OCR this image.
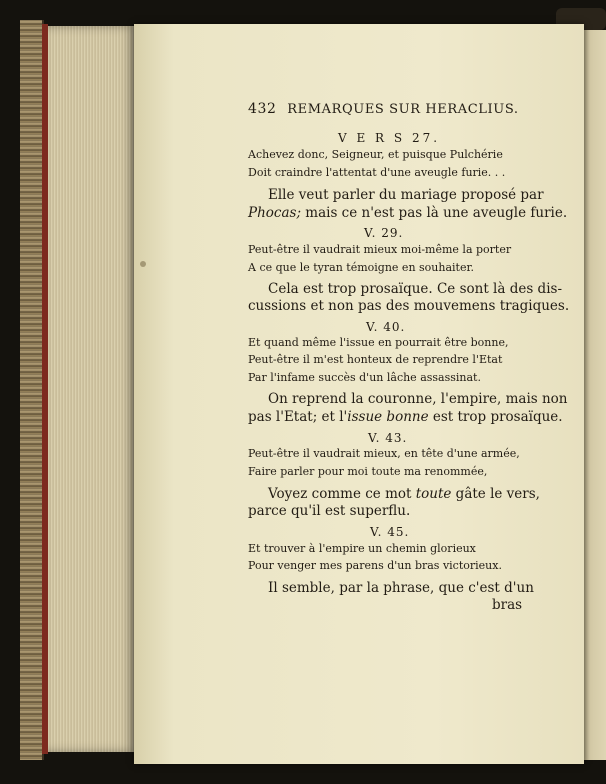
432 REMARQUES SUR HERACLIUS.
V E R S 27.
Achevez donc, Seigneur, et puisque Pulchérie
Doit craindre l'attentat d'une aveugle furie. . .
Elle veut parler du mariage proposé par
Phocas; mais ce n'est pas là une aveugle furie.
V. 29.
Peut-être il vaudrait mieux moi-même la porter
A ce que le tyran témoigne en souhaiter.
Cela est trop prosaïque. Ce sont là des dis-
cussions et non pas des mouvemens tragiques.
V. 40.
Et quand même l'issue en pourrait être bonne,
Peut-être il m'est honteux de reprendre l'Etat
Par l'infame succès d'un lâche assassinat.
On reprend la couronne, l'empire, mais non
pas l'Etat; et l'issue bonne est trop prosaïque.
V. 43.
Peut-être il vaudrait mieux, en tête d'une armée,
Faire parler pour moi toute ma renommée,
Voyez comme ce mot toute gâte le vers,
parce qu'il est superflu.
V. 45.
Et trouver à l'empire un chemin glorieux
Pour venger mes parens d'un bras victorieux.
Il semble, par la phrase, que c'est d'un
bras
